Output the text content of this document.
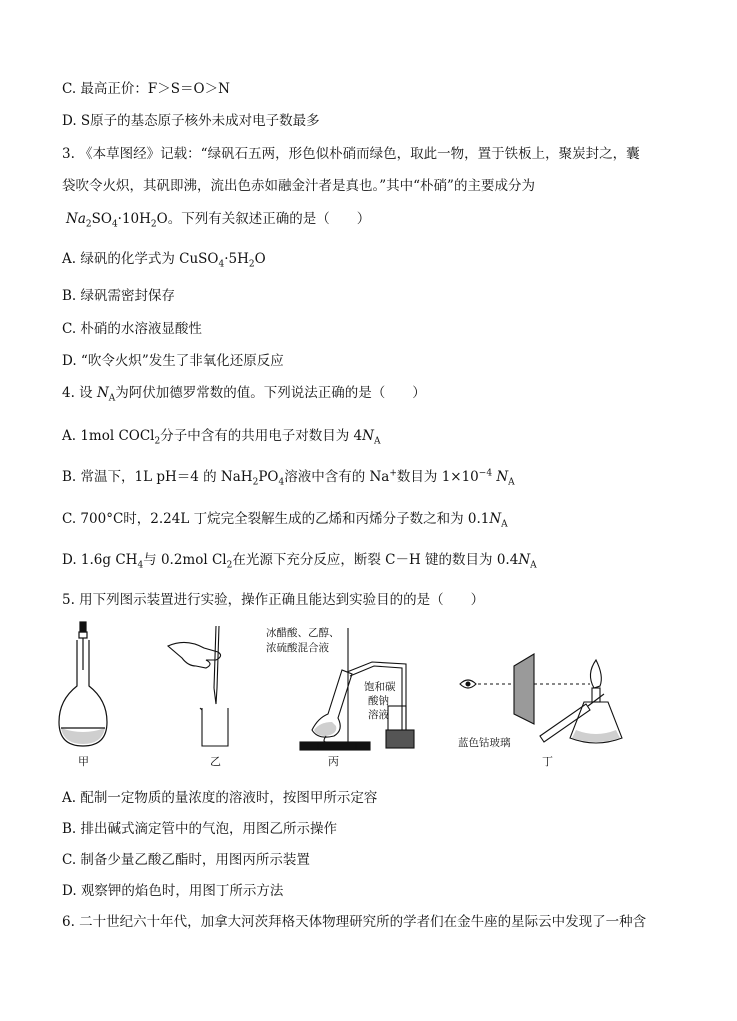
C. 最高正价：F＞S＝O＞N
D. S原子的基态原子核外未成对电子数最多
3. 《本草图经》记载：“绿矾石五两，形色似朴硝而绿色，取此一物，置于铁板上，聚炭封之，囊
袋吹令火炽，其矾即沸，流出色赤如融金汁者是真也。”其中“朴硝”的主要成分为
$Na_2SO_4\cdot 10H_2O$。下列有关叙述正确的是（　　）
A. 绿矾的化学式为 $CuSO_4\cdot 5H_2O$
B. 绿矾需密封保存
C. 朴硝的水溶液显酸性
D. “吹令火炽”发生了非氧化还原反应
4. 设 $N_A$为阿伏加德罗常数的值。下列说法正确的是（　　）
A. 1mol COCl$_2$分子中含有的共用电子对数目为 $4N_A$
B. 常温下，1L pH＝4 的 $NaH_2PO_4$溶液中含有的 Na+数目为 $1\times 10^{-4}$ $N_A$
C. 700°C时，2.24L 丁烷完全裂解生成的乙烯和丙烯分子数之和为 $0.1N_A$
D. 1.6g $CH_4$与 0.2mol $Cl_2$在光源下充分反应，断裂 C－H 键的数目为 $0.4N_A$
5. 用下列图示装置进行实验，操作正确且能达到实验目的的是（　　）
甲	乙
冰醋酸、乙醇、
浓硫酸混合液
饱和碳
酸钠
溶液
丙
蓝色钴玻璃
丁
A. 配制一定物质的量浓度的溶液时，按图甲所示定容
B. 排出碱式滴定管中的气泡，用图乙所示操作
C. 制备少量乙酸乙酯时，用图丙所示装置
D. 观察钾的焰色时，用图丁所示方法
6. 二十世纪六十年代，加拿大河茨拜格天体物理研究所的学者们在金牛座的星际云中发现了一种含
